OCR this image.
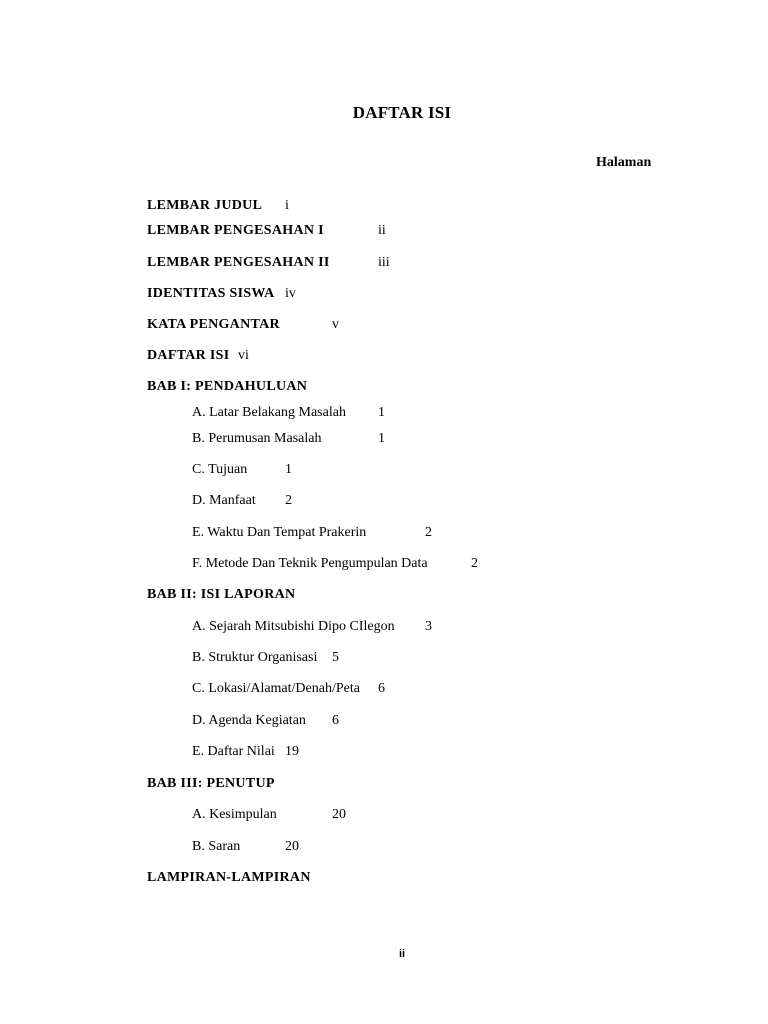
DAFTAR ISI
Halaman
LEMBAR JUDUL i
LEMBAR PENGESAHAN I	ii
LEMBAR PENGESAHAN II	iii
IDENTITAS SISWA iv
KATA PENGANTAR	v
DAFTAR ISI vi
BAB I: PENDAHULUAN
A. Latar Belakang Masalah 1
B. Perumusan Masalah	1
C. Tujuan	1
D. Manfaat 2
E. Waktu Dan Tempat Prakerin	2
F. Metode Dan Teknik Pengumpulan Data	2
BAB II: ISI LAPORAN
A. Sejarah Mitsubishi Dipo CIlegon 3
B. Struktur Organisasi 5
C. Lokasi/Alamat/Denah/Peta 6
D. Agenda Kegiatan 6
E. Daftar Nilai 19
BAB III: PENUTUP
A. Kesimpulan	20
B. Saran	20
LAMPIRAN-LAMPIRAN
ii
